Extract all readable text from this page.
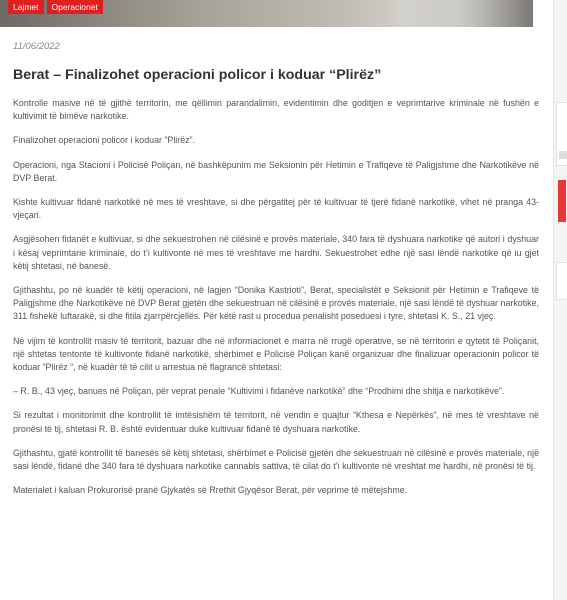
Lajmet	Operacionet
11/06/2022
Berat – Finalizohet operacioni policor i koduar “Plirëz”

Kontrolle masive në të gjithë territorin, me qëllimin parandalimin, evidentimin dhe goditjen e veprimtarive kriminale në fushën e kultivimit të bimëve narkotike.

Finalizohet operacioni policor i koduar “Plirëz”.

Operacioni, nga Stacioni i Policisë Poliçan, në bashkëpunim me Seksionin për Hetimin e Trafiqeve të Paligjshme dhe Narkotikëve në DVP Berat.

Kishte kultivuar fidanë narkotikë në mes të vreshtave, si dhe përgatitej për të kultivuar të tjerë fidanë narkotikë, vihet në pranga 43-vjeçari.

Asgjësohen fidanët e kultivuar, si dhe sekuestrohen në cilësinë e provës materiale, 340 fara të dyshuara narkotike që autori i dyshuar i kësaj veprimtarie kriminale, do t’i kultivonte në mes të vreshtave me hardhi. Sekuestrohet edhe një sasi lëndë narkotike që iu gjet këtij shtetasi, në banesë.

Gjithashtu, po në kuadër të këtij operacioni, në lagjen “Donika Kastrioti”, Berat, specialistët e Seksionit për Hetimin e Trafiqeve të Paligjshme dhe Narkotikëve në DVP Berat gjetën dhe sekuestruan në cilësinë e provës materiale, një sasi lëndë të dyshuar narkotike, 311 fishekë luftarakë, si dhe fitila zjarrpërcjellës. Për këtë rast u procedua penalisht poseduesi i tyre, shtetasi K. S., 21 vjeç.

Në vijim të kontrollit masiv të territorit, bazuar dhe në informacionet e marra në rrugë operative, se në territorin e qytetit të Poliçanit, një shtetas tentonte të kultivonte fidanë narkotikë, shërbimet e Policisë Poliçan kanë organizuar dhe finalizuar operacionin policor të koduar “Plirëz “, në kuadër të të cilit u arrestua në flagrancë shtetasi:

– R. B., 43 vjeç, banues në Poliçan, për veprat penale “Kultivimi i fidanëve narkotikë” dhe “Prodhimi dhe shitja e narkotikëve”.

Si rezultat i monitorimit dhe kontrollit të imtësishëm të territorit, në vendin e quajtur “Kthesa e Nepërkës”, në mes të vreshtave në pronësi të tij, shtetasi R. B. është evidentuar duke kultivuar fidanë të dyshuara narkotike.

Gjithashtu, gjatë kontrollit të banesës së këtij shtetasi, shërbimet e Policisë gjetën dhe sekuestruan në cilësinë e provës materiale, një sasi lëndë, fidanë dhe 340 fara të dyshuara narkotike cannabis sattiva, të cilat do t’i kultivonte në vreshtat me hardhi, në pronësi të tij.

Materialet i kaluan Prokurorisë pranë Gjykatës së Rrethit Gjyqësor Berat, për veprime të mëtejshme.
